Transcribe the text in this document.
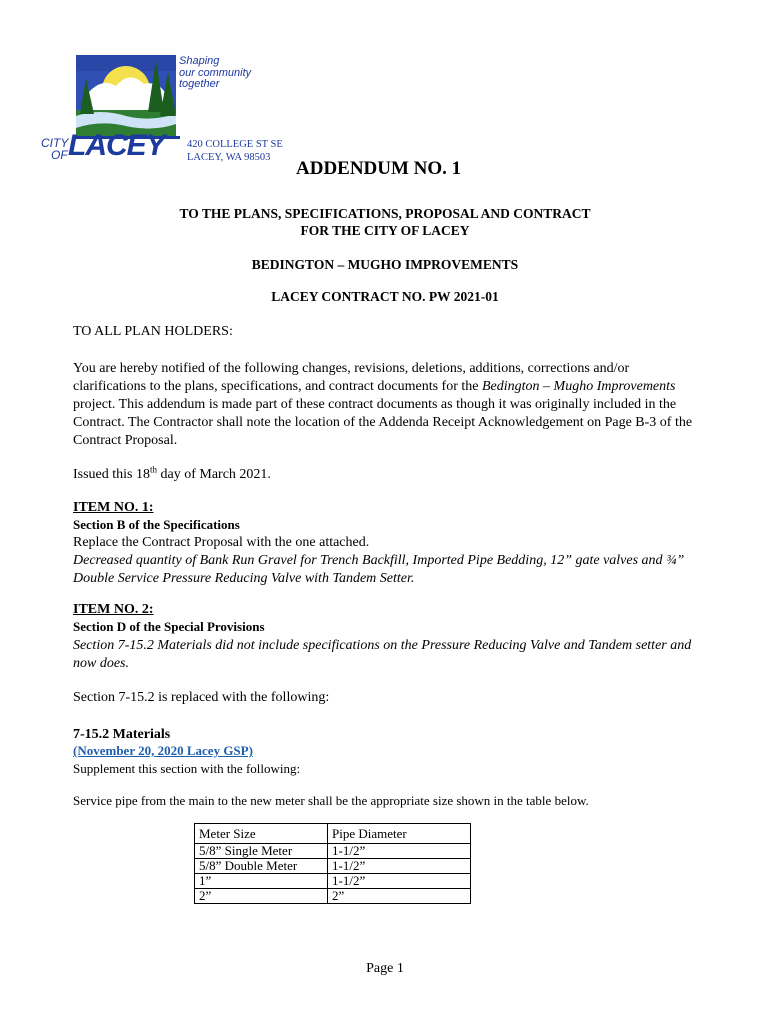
CITY
OF LACEY
Shaping
our community
together
420 COLLEGE ST SE
LACEY, WA 98503
ADDENDUM NO. 1
TO THE PLANS, SPECIFICATIONS, PROPOSAL AND CONTRACT
FOR THE CITY OF LACEY
BEDINGTON – MUGHO IMPROVEMENTS
LACEY CONTRACT NO. PW 2021-01
TO ALL PLAN HOLDERS:
You are hereby notified of the following changes, revisions, deletions, additions, corrections and/or clarifications to the plans, specifications, and contract documents for the Bedington – Mugho Improvements project. This addendum is made part of these contract documents as though it was originally included in the Contract. The Contractor shall note the location of the Addenda Receipt Acknowledgement on Page B-3 of the Contract Proposal.
Issued this 18th day of March 2021.
ITEM NO. 1:
Section B of the Specifications
Replace the Contract Proposal with the one attached.
Decreased quantity of Bank Run Gravel for Trench Backfill, Imported Pipe Bedding, 12” gate valves and ¾” Double Service Pressure Reducing Valve with Tandem Setter.
ITEM NO. 2:
Section D of the Special Provisions
Section 7-15.2 Materials did not include specifications on the Pressure Reducing Valve and Tandem setter and now does.
Section 7-15.2 is replaced with the following:
7-15.2 Materials
(November 20, 2020 Lacey GSP)
Supplement this section with the following:
Service pipe from the main to the new meter shall be the appropriate size shown in the table below.
Meter Size	Pipe Diameter
5/8” Single Meter	1-1/2”
5/8” Double Meter	1-1/2”
1”	1-1/2”
2”	2”
Page 1
